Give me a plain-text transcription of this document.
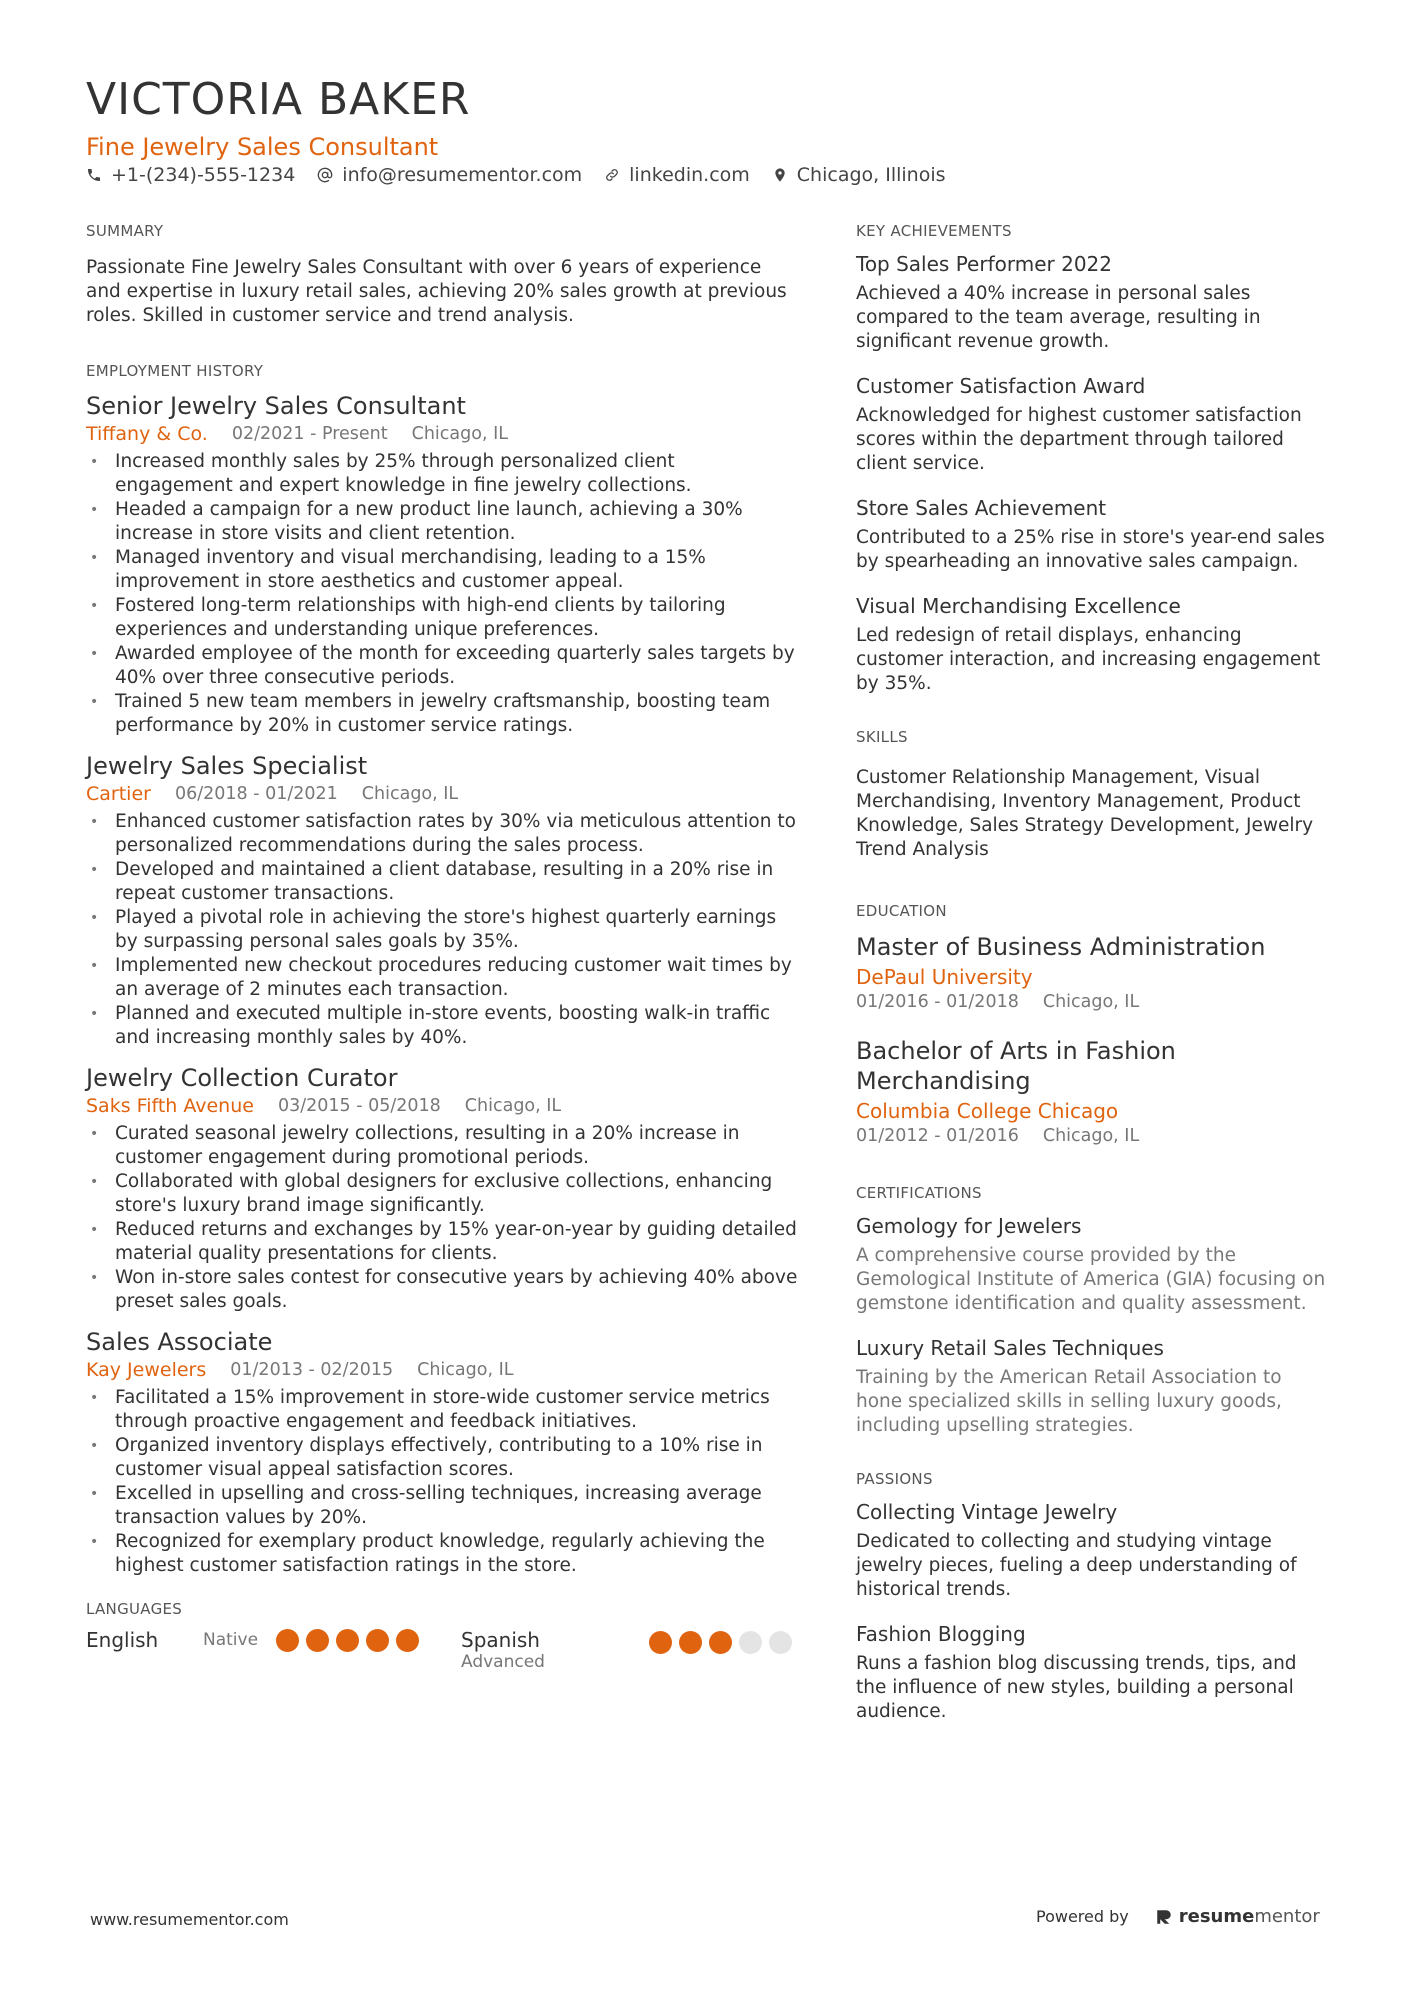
VICTORIA BAKER
Fine Jewelry Sales Consultant
+1-(234)-555-1234 info@resumementor.com linkedin.com Chicago, Illinois
SUMMARY

Passionate Fine Jewelry Sales Consultant with over 6 years of experience and expertise in luxury retail sales, achieving 20% sales growth at previous roles. Skilled in customer service and trend analysis.

EMPLOYMENT HISTORY
Senior Jewelry Sales Consultant
Tiffany & Co. 02/2021 - Present Chicago, IL
• Increased monthly sales by 25% through personalized client engagement and expert knowledge in fine jewelry collections.
• Headed a campaign for a new product line launch, achieving a 30% increase in store visits and client retention.
• Managed inventory and visual merchandising, leading to a 15% improvement in store aesthetics and customer appeal.
• Fostered long-term relationships with high-end clients by tailoring experiences and understanding unique preferences.
• Awarded employee of the month for exceeding quarterly sales targets by 40% over three consecutive periods.
• Trained 5 new team members in jewelry craftsmanship, boosting team performance by 20% in customer service ratings.
Jewelry Sales Specialist
Cartier 06/2018 - 01/2021 Chicago, IL
• Enhanced customer satisfaction rates by 30% via meticulous attention to personalized recommendations during the sales process.
• Developed and maintained a client database, resulting in a 20% rise in repeat customer transactions.
• Played a pivotal role in achieving the store's highest quarterly earnings by surpassing personal sales goals by 35%.
• Implemented new checkout procedures reducing customer wait times by an average of 2 minutes each transaction.
• Planned and executed multiple in-store events, boosting walk-in traffic and increasing monthly sales by 40%.
Jewelry Collection Curator
Saks Fifth Avenue 03/2015 - 05/2018 Chicago, IL
• Curated seasonal jewelry collections, resulting in a 20% increase in customer engagement during promotional periods.
• Collaborated with global designers for exclusive collections, enhancing store's luxury brand image significantly.
• Reduced returns and exchanges by 15% year-on-year by guiding detailed material quality presentations for clients.
• Won in-store sales contest for consecutive years by achieving 40% above preset sales goals.
Sales Associate
Kay Jewelers 01/2013 - 02/2015 Chicago, IL
• Facilitated a 15% improvement in store-wide customer service metrics through proactive engagement and feedback initiatives.
• Organized inventory displays effectively, contributing to a 10% rise in customer visual appeal satisfaction scores.
• Excelled in upselling and cross-selling techniques, increasing average transaction values by 20%.
• Recognized for exemplary product knowledge, regularly achieving the highest customer satisfaction ratings in the store.
LANGUAGES
English	Native	Spanish
Advanced
KEY ACHIEVEMENTS
Top Sales Performer 2022
Achieved a 40% increase in personal sales compared to the team average, resulting in significant revenue growth.
Customer Satisfaction Award
Acknowledged for highest customer satisfaction scores within the department through tailored client service.
Store Sales Achievement
Contributed to a 25% rise in store's year-end sales by spearheading an innovative sales campaign.
Visual Merchandising Excellence
Led redesign of retail displays, enhancing customer interaction, and increasing engagement by 35%.
SKILLS

Customer Relationship Management, Visual Merchandising, Inventory Management, Product Knowledge, Sales Strategy Development, Jewelry Trend Analysis

EDUCATION
Master of Business Administration
DePaul University
01/2016 - 01/2018 Chicago, IL
Bachelor of Arts in Fashion Merchandising
Columbia College Chicago
01/2012 - 01/2016 Chicago, IL
CERTIFICATIONS
Gemology for Jewelers
A comprehensive course provided by the Gemological Institute of America (GIA) focusing on gemstone identification and quality assessment.
Luxury Retail Sales Techniques
Training by the American Retail Association to hone specialized skills in selling luxury goods, including upselling strategies.
PASSIONS
Collecting Vintage Jewelry
Dedicated to collecting and studying vintage jewelry pieces, fueling a deep understanding of historical trends.
Fashion Blogging
Runs a fashion blog discussing trends, tips, and the influence of new styles, building a personal audience.
www.resumementor.com	Powered by	resumementor
